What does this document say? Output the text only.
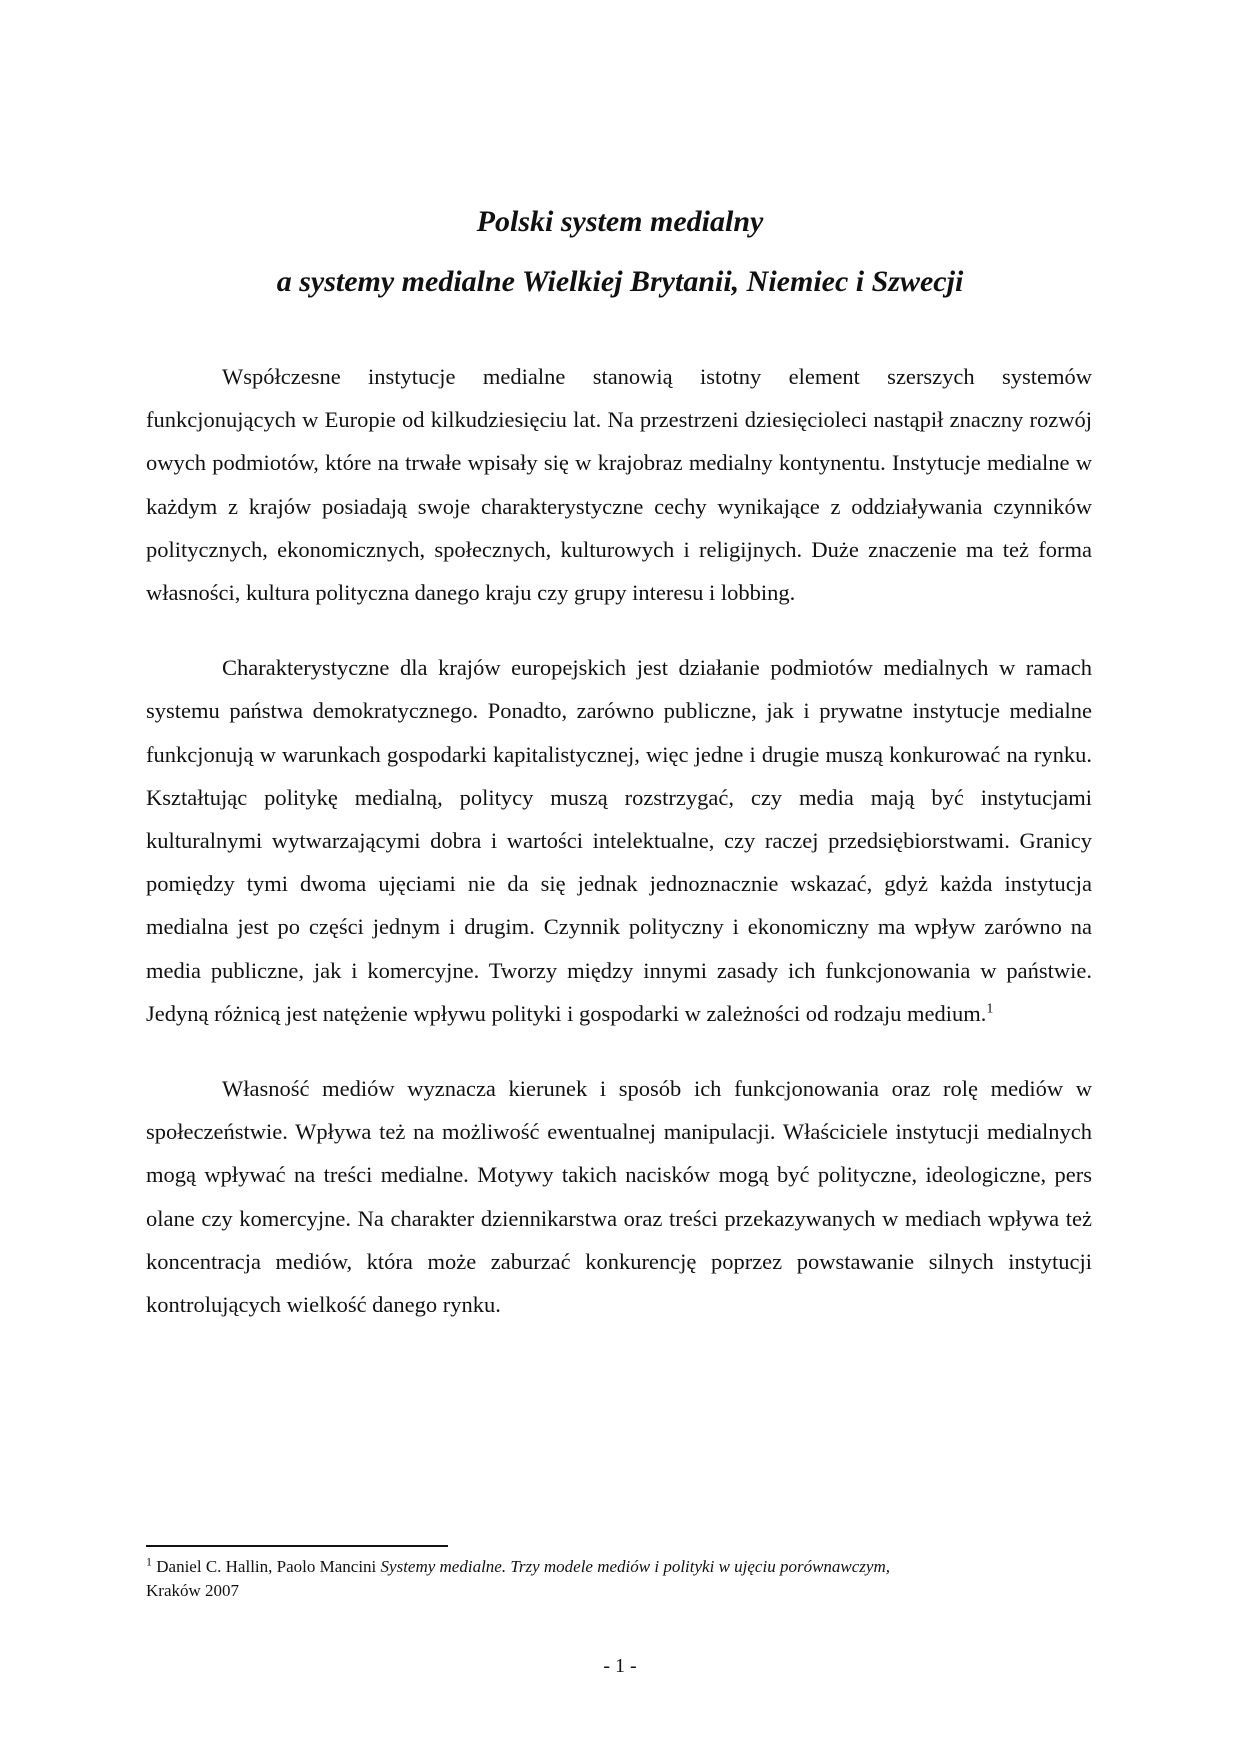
Polski system medialny

a systemy medialne Wielkiej Brytanii, Niemiec i Szwecji

Współczesne instytucje medialne stanowią istotny element szerszych systemów funkcjonujących w Europie od kilkudziesięciu lat. Na przestrzeni dziesięcioleci nastąpił znaczny rozwój owych podmiotów, które na trwałe wpisały się w krajobraz medialny kontynentu. Instytucje medialne w każdym z krajów posiadają swoje charakterystyczne cechy wynikające z oddziaływania czynników politycznych, ekonomicznych, społecznych, kulturowych i religijnych. Duże znaczenie ma też forma własności, kultura polityczna danego kraju czy grupy interesu i lobbing.

Charakterystyczne dla krajów europejskich jest działanie podmiotów medialnych w ramach systemu państwa demokratycznego. Ponadto, zarówno publiczne, jak i prywatne instytucje medialne funkcjonują w warunkach gospodarki kapitalistycznej, więc jedne i drugie muszą konkurować na rynku. Kształtując politykę medialną, politycy muszą rozstrzygać, czy media mają być instytucjami kulturalnymi wytwarzającymi dobra i wartości intelektualne, czy raczej przedsiębiorstwami. Granicy pomiędzy tymi dwoma ujęciami nie da się jednak jednoznacznie wskazać, gdyż każda instytucja medialna jest po części jednym i drugim. Czynnik polityczny i ekonomiczny ma wpływ zarówno na media publiczne, jak i komercyjne. Tworzy między innymi zasady ich funkcjonowania w państwie. Jedyną różnicą jest natężenie wpływu polityki i gospodarki w zależności od rodzaju medium.$^1$

Własność mediów wyznacza kierunek i sposób ich funkcjonowania oraz rolę mediów w społeczeństwie. Wpływa też na możliwość ewentualnej manipulacji. Właściciele instytucji medialnych mogą wpływać na treści medialne. Motywy takich nacisków mogą być polityczne, ideologiczne, pers olane czy komercyjne. Na charakter dziennikarstwa oraz treści przekazywanych w mediach wpływa też koncentracja mediów, która może zaburzać konkurencję poprzez powstawanie silnych instytucji kontrolujących wielkość danego rynku.

$^1$ Daniel C. Hallin, Paolo Mancini Systemy medialne. Trzy modele mediów i polityki w ujęciu porównawczym,
Kraków 2007

- 1 -
